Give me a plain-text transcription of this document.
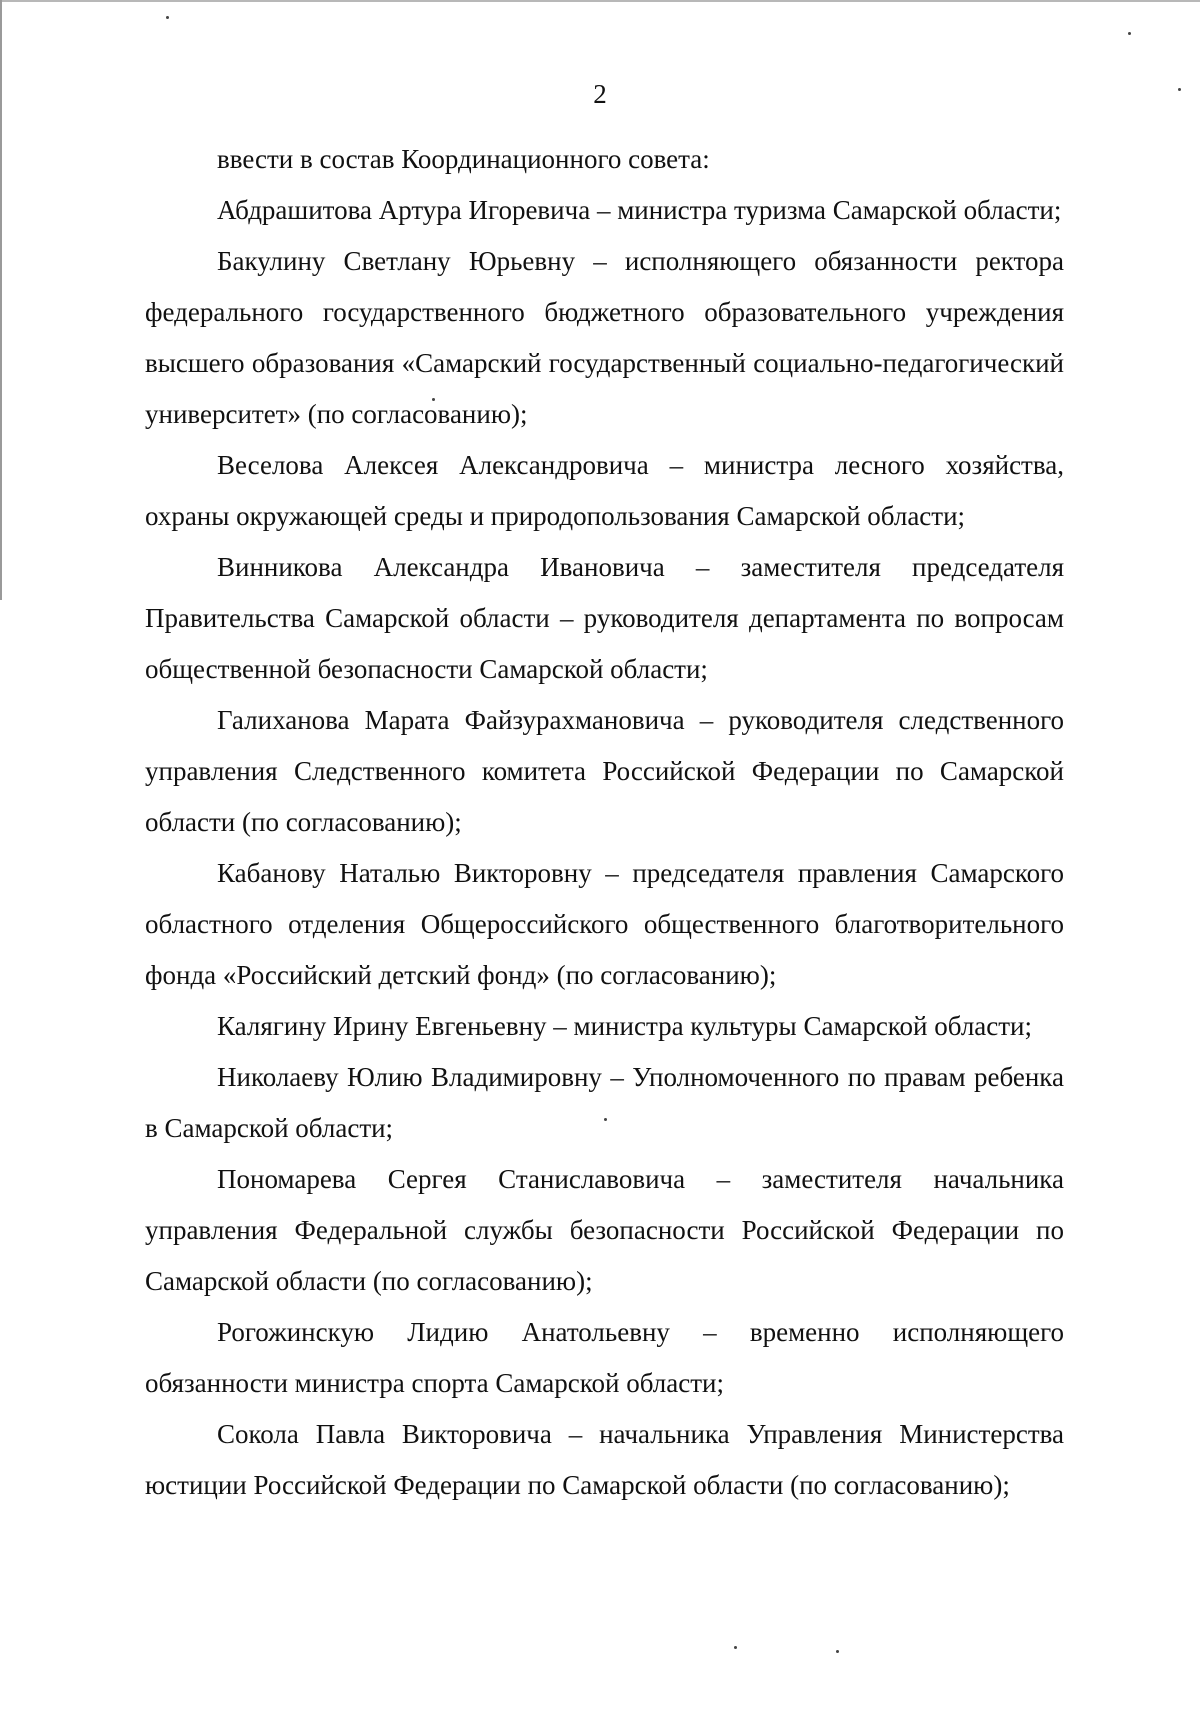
2

ввести в состав Координационного совета:

Абдрашитова Артура Игоревича – министра туризма Самарской области;

Бакулину Светлану Юрьевну – исполняющего обязанности ректора федерального государственного бюджетного образовательного учреждения высшего образования «Самарский государственный социально-педагогический университет» (по согласованию);

Веселова Алексея Александровича – министра лесного хозяйства, охраны окружающей среды и природопользования Самарской области;

Винникова Александра Ивановича – заместителя председателя Правительства Самарской области – руководителя департамента по вопросам общественной безопасности Самарской области;

Галиханова Марата Файзурахмановича – руководителя следственного управления Следственного комитета Российской Федерации по Самарской области (по согласованию);

Кабанову Наталью Викторовну – председателя правления Самарского областного отделения Общероссийского общественного благотворительного фонда «Российский детский фонд» (по согласованию);

Калягину Ирину Евгеньевну – министра культуры Самарской области;

Николаеву Юлию Владимировну – Уполномоченного по правам ребенка в Самарской области;

Пономарева Сергея Станиславовича – заместителя начальника управления Федеральной службы безопасности Российской Федерации по Самарской области (по согласованию);

Рогожинскую Лидию Анатольевну – временно исполняющего обязанности министра спорта Самарской области;

Сокола Павла Викторовича – начальника Управления Министерства юстиции Российской Федерации по Самарской области (по согласованию);
